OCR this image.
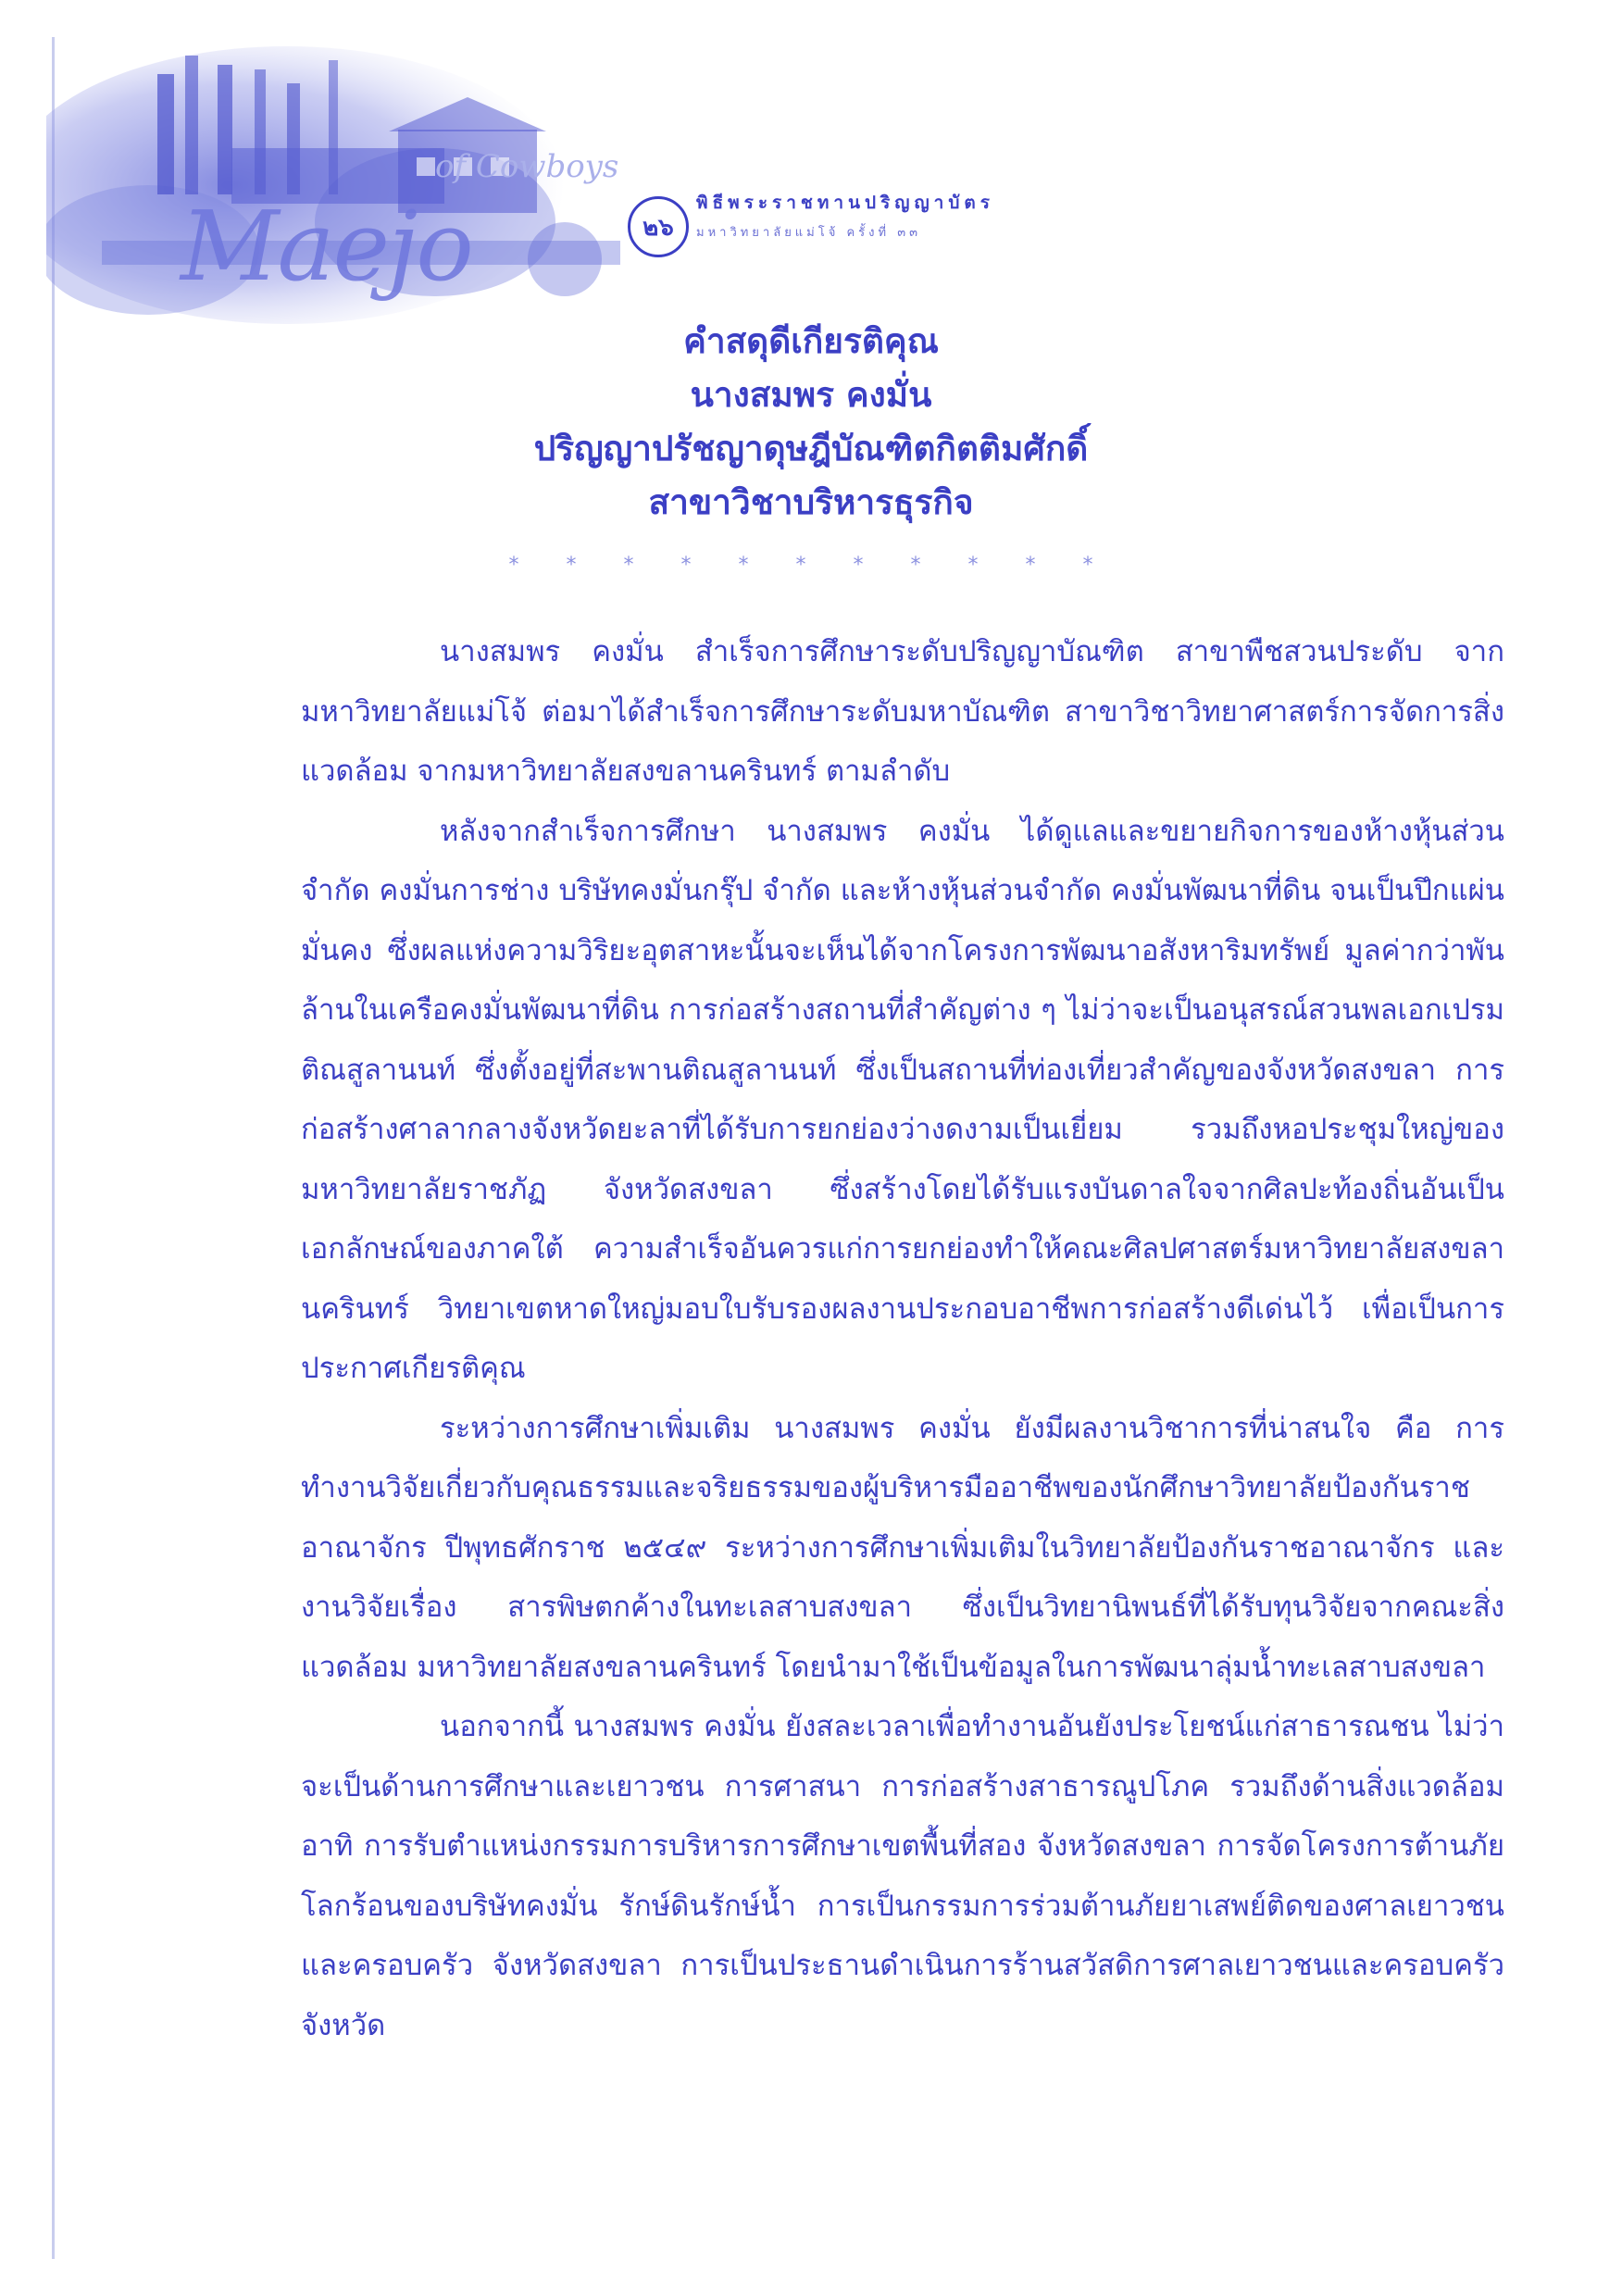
Maejo
of Cowboys
๒๖
พิธีพระราชทานปริญญาบัตร
มหาวิทยาลัยแม่โจ้ ครั้งที่ ๓๓
คำสดุดีเกียรติคุณ
นางสมพร คงมั่น
ปริญญาปรัชญาดุษฎีบัณฑิตกิตติมศักดิ์
สาขาวิชาบริหารธุรกิจ
* * * * * * * * * * *

นางสมพร คงมั่น สำเร็จการศึกษาระดับปริญญาบัณฑิต สาขาพืชสวนประดับ จากมหาวิทยาลัยแม่โจ้ ต่อมาได้สำเร็จการศึกษาระดับมหาบัณฑิต สาขาวิชาวิทยาศาสตร์การจัดการสิ่งแวดล้อม จากมหาวิทยาลัยสงขลานครินทร์ ตามลำดับ

หลังจากสำเร็จการศึกษา นางสมพร คงมั่น ได้ดูแลและขยายกิจการของห้างหุ้นส่วนจำกัด คงมั่นการช่าง บริษัทคงมั่นกรุ๊ป จำกัด และห้างหุ้นส่วนจำกัด คงมั่นพัฒนาที่ดิน จนเป็นปึกแผ่นมั่นคง ซึ่งผลแห่งความวิริยะอุตสาหะนั้นจะเห็นได้จากโครงการพัฒนาอสังหาริมทรัพย์ มูลค่ากว่าพันล้านในเครือคงมั่นพัฒนาที่ดิน การก่อสร้างสถานที่สำคัญต่าง ๆ ไม่ว่าจะเป็นอนุสรณ์สวนพลเอกเปรม ติณสูลานนท์ ซึ่งตั้งอยู่ที่สะพานติณสูลานนท์ ซึ่งเป็นสถานที่ท่องเที่ยวสำคัญของจังหวัดสงขลา การก่อสร้างศาลากลางจังหวัดยะลาที่ได้รับการยกย่องว่างดงามเป็นเยี่ยม รวมถึงหอประชุมใหญ่ของมหาวิทยาลัยราชภัฏ จังหวัดสงขลา ซึ่งสร้างโดยได้รับแรงบันดาลใจจากศิลปะท้องถิ่นอันเป็นเอกลักษณ์ของภาคใต้ ความสำเร็จอันควรแก่การยกย่องทำให้คณะศิลปศาสตร์มหาวิทยาลัยสงขลานครินทร์ วิทยาเขตหาดใหญ่มอบใบรับรองผลงานประกอบอาชีพการก่อสร้างดีเด่นไว้ เพื่อเป็นการประกาศเกียรติคุณ

ระหว่างการศึกษาเพิ่มเติม นางสมพร คงมั่น ยังมีผลงานวิชาการที่น่าสนใจ คือ การทำงานวิจัยเกี่ยวกับคุณธรรมและจริยธรรมของผู้บริหารมืออาชีพของนักศึกษาวิทยาลัยป้องกันราชอาณาจักร ปีพุทธศักราช ๒๕๔๙ ระหว่างการศึกษาเพิ่มเติมในวิทยาลัยป้องกันราชอาณาจักร และงานวิจัยเรื่อง สารพิษตกค้างในทะเลสาบสงขลา ซึ่งเป็นวิทยานิพนธ์ที่ได้รับทุนวิจัยจากคณะสิ่งแวดล้อม มหาวิทยาลัยสงขลานครินทร์ โดยนำมาใช้เป็นข้อมูลในการพัฒนาลุ่มน้ำทะเลสาบสงขลา

นอกจากนี้ นางสมพร คงมั่น ยังสละเวลาเพื่อทำงานอันยังประโยชน์แก่สาธารณชน ไม่ว่าจะเป็นด้านการศึกษาและเยาวชน การศาสนา การก่อสร้างสาธารณูปโภค รวมถึงด้านสิ่งแวดล้อม อาทิ การรับตำแหน่งกรรมการบริหารการศึกษาเขตพื้นที่สอง จังหวัดสงขลา การจัดโครงการต้านภัยโลกร้อนของบริษัทคงมั่น รักษ์ดินรักษ์น้ำ การเป็นกรรมการร่วมต้านภัยยาเสพย์ติดของศาลเยาวชนและครอบครัว จังหวัดสงขลา การเป็นประธานดำเนินการร้านสวัสดิการศาลเยาวชนและครอบครัวจังหวัด
